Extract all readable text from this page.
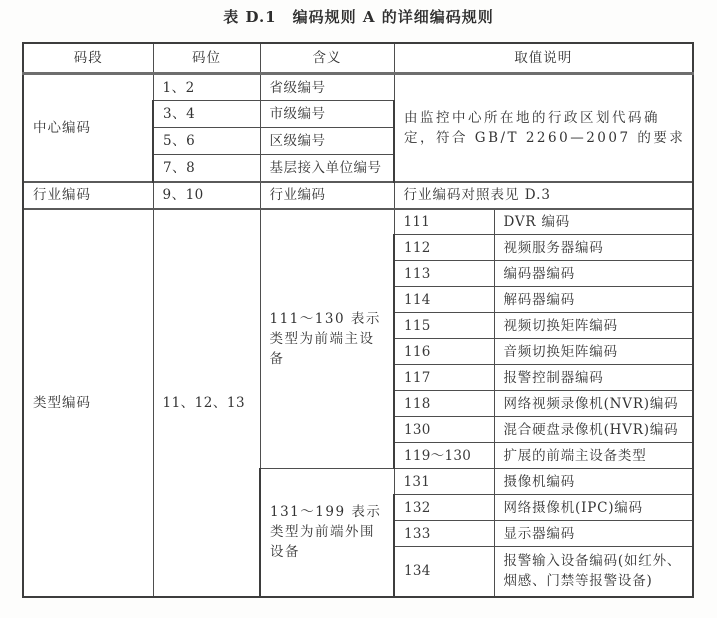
表 D.1　编码规则 A 的详细编码规则
码段	码位	含义	取值说明	
中心编码	1、2	省级编号	由监控中心所在地的行政区划代码确定，符合 GB/T 2260—2007 的要求	
	3、4	市级编号		
	5、6	区级编号		
	7、8	基层接入单位编号		
行业编码	9、10	行业编码	行业编码对照表见 D.3	
类型编码	11、12、13	111～130 表示类型为前端主设备	111	DVR 编码
			112	视频服务器编码
			113	编码器编码
			114	解码器编码
			115	视频切换矩阵编码
			116	音频切换矩阵编码
			117	报警控制器编码
			118	网络视频录像机(NVR)编码
			130	混合硬盘录像机(HVR)编码
			119～130	扩展的前端主设备类型
		131～199 表示类型为前端外围设备	131	摄像机编码
			132	网络摄像机(IPC)编码
			133	显示器编码
			134	报警输入设备编码(如红外、烟感、门禁等报警设备)
